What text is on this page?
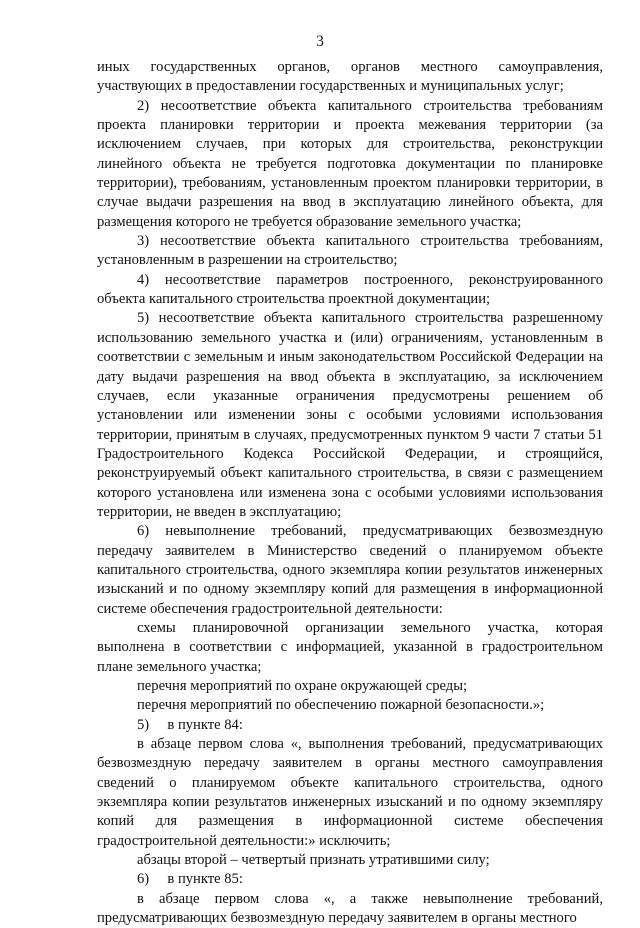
3

иных государственных органов, органов местного самоуправления, участвующих в предоставлении государственных и муниципальных услуг;

2) несоответствие объекта капитального строительства требованиям проекта планировки территории и проекта межевания территории (за исключением случаев, при которых для строительства, реконструкции линейного объекта не требуется подготовка документации по планировке территории), требованиям, установленным проектом планировки территории, в случае выдачи разрешения на ввод в эксплуатацию линейного объекта, для размещения которого не требуется образование земельного участка;

3) несоответствие объекта капитального строительства требованиям, установленным в разрешении на строительство;

4) несоответствие параметров построенного, реконструированного объекта капитального строительства проектной документации;

5) несоответствие объекта капитального строительства разрешенному использованию земельного участка и (или) ограничениям, установленным в соответствии с земельным и иным законодательством Российской Федерации на дату выдачи разрешения на ввод объекта в эксплуатацию, за исключением случаев, если указанные ограничения предусмотрены решением об установлении или изменении зоны с особыми условиями использования территории, принятым в случаях, предусмотренных пунктом 9 части 7 статьи 51 Градостроительного Кодекса Российской Федерации, и строящийся, реконструируемый объект капитального строительства, в связи с размещением которого установлена или изменена зона с особыми условиями использования территории, не введен в эксплуатацию;

6) невыполнение требований, предусматривающих безвозмездную передачу заявителем в Министерство сведений о планируемом объекте капитального строительства, одного экземпляра копии результатов инженерных изысканий и по одному экземпляру копий для размещения в информационной системе обеспечения градостроительной деятельности:

схемы планировочной организации земельного участка, которая выполнена в соответствии с информацией, указанной в градостроительном плане земельного участка;

перечня мероприятий по охране окружающей среды;

перечня мероприятий по обеспечению пожарной безопасности.»;

5)     в пункте 84:

в абзаце первом слова «, выполнения требований, предусматривающих безвозмездную передачу заявителем в органы местного самоуправления сведений о планируемом объекте капитального строительства, одного экземпляра копии результатов инженерных изысканий и по одному экземпляру копий для размещения в информационной системе обеспечения градостроительной деятельности:» исключить;

абзацы второй – четвертый признать утратившими силу;

6)     в пункте 85:

в абзаце первом слова «, а также невыполнение требований, предусматривающих безвозмездную передачу заявителем в органы местного
